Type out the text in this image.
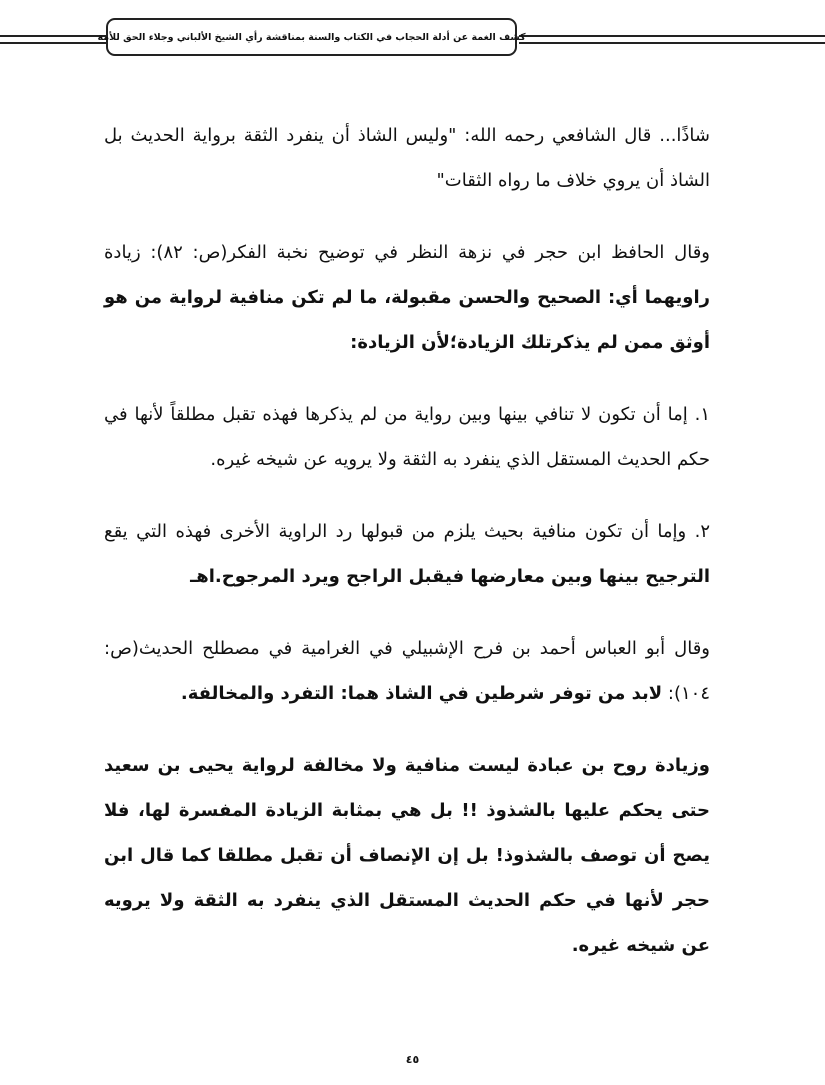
كشف الغمة عن أدلة الحجاب في الكتاب والسنة بمناقشة رأي الشيخ الألباني وجلاء الحق للأمة

شاذًا... قال الشافعي رحمه الله: "وليس الشاذ أن ينفرد الثقة برواية الحديث بل الشاذ أن يروي خلاف ما رواه الثقات"

وقال الحافظ ابن حجر في نزهة النظر في توضيح نخبة الفكر(ص: ٨٢): زيادة راويهما أي: الصحيح والحسن مقبولة، ما لم تكن منافية لرواية من هو أوثق ممن لم يذكرتلك الزيادة؛لأن الزيادة:

١. إما أن تكون لا تنافي بينها وبين رواية من لم يذكرها فهذه تقبل مطلقاً لأنها في حكم الحديث المستقل الذي ينفرد به الثقة ولا يرويه عن شيخه غيره.

٢. وإما أن تكون منافية بحيث يلزم من قبولها رد الراوية الأخرى فهذه التي يقع الترجيح بينها وبين معارضها فيقبل الراجح ويرد المرجوح.اهـ

وقال أبو العباس أحمد بن فرح الإشبيلي في الغرامية في مصطلح الحديث(ص: ١٠٤): لابد من توفر شرطين في الشاذ هما: التفرد والمخالفة.

وزيادة روح بن عبادة ليست منافية ولا مخالفة لرواية يحيى بن سعيد حتى يحكم عليها بالشذوذ !! بل هي بمثابة الزيادة المفسرة لها، فلا يصح أن توصف بالشذوذ! بل إن الإنصاف أن تقبل مطلقا كما قال ابن حجر لأنها في حكم الحديث المستقل الذي ينفرد به الثقة ولا يرويه عن شيخه غيره.

٤٥
